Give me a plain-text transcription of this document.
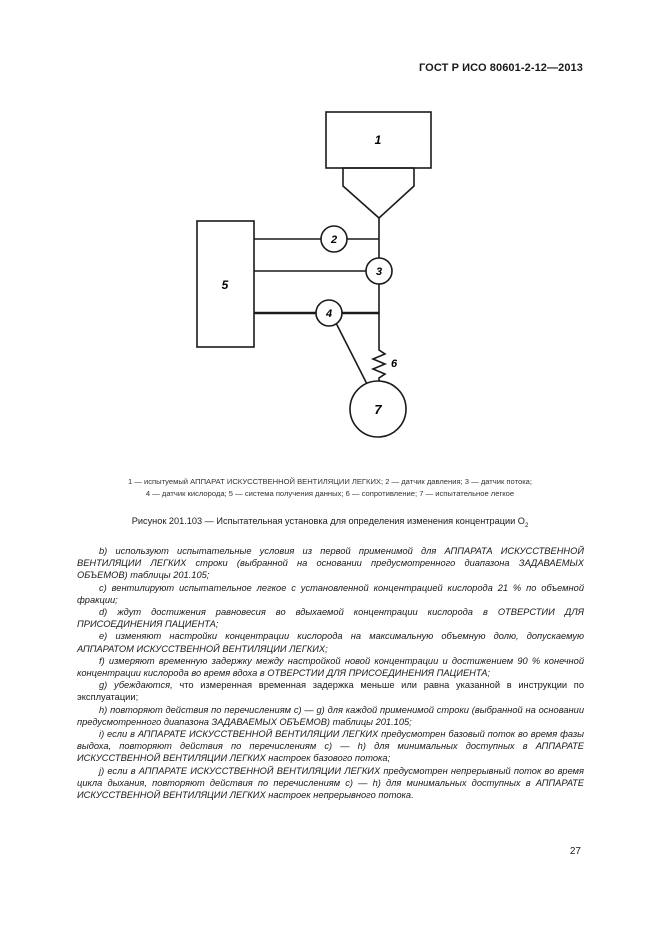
ГОСТ Р ИСО 80601-2-12—2013
1
2
3
4
5
6
7
1 — испытуемый АППАРАТ ИСКУССТВЕННОЙ ВЕНТИЛЯЦИИ ЛЕГКИХ; 2 — датчик давления; 3 — датчик потока;
4 — датчик кислорода; 5 — система получения данных; 6 — сопротивление; 7 — испытательное легкое
Рисунок 201.103 — Испытательная установка для определения изменения концентрации $O_2$

b) используют испытательные условия из первой применимой для АППАРАТА ИСКУССТВЕННОЙ ВЕНТИЛЯЦИИ ЛЕГКИХ строки (выбранной на основании предусмотренного диапазона ЗАДАВАЕМЫХ ОБЪЕМОВ) таблицы 201.105;

c) вентилируют испытательное легкое с установленной концентрацией кислорода 21 % по объемной фракции;

d) ждут достижения равновесия во вдыхаемой концентрации кислорода в ОТВЕРСТИИ ДЛЯ ПРИСОЕДИНЕНИЯ ПАЦИЕНТА;

e) изменяют настройки концентрации кислорода на максимальную объемную долю, допускаемую АППАРАТОМ ИСКУССТВЕННОЙ ВЕНТИЛЯЦИИ ЛЕГКИХ;

f) измеряют временную задержку между настройкой новой концентрации и достижением 90 % конечной концентрации кислорода во время вдоха в ОТВЕРСТИИ ДЛЯ ПРИСОЕДИНЕНИЯ ПАЦИЕНТА;

g) убеждаются, что измеренная временная задержка меньше или равна указанной в инструкции по эксплуатации;

h) повторяют действия по перечислениям c) — g) для каждой применимой строки (выбранной на основании предусмотренного диапазона ЗАДАВАЕМЫХ ОБЪЕМОВ) таблицы 201.105;

i) если в АППАРАТЕ ИСКУССТВЕННОЙ ВЕНТИЛЯЦИИ ЛЕГКИХ предусмотрен базовый поток во время фазы выдоха, повторяют действия по перечислениям c) — h) для минимальных доступных в АППАРАТЕ ИСКУССТВЕННОЙ ВЕНТИЛЯЦИИ ЛЕГКИХ настроек базового потока;

j) если в АППАРАТЕ ИСКУССТВЕННОЙ ВЕНТИЛЯЦИИ ЛЕГКИХ предусмотрен непрерывный поток во время цикла дыхания, повторяют действия по перечислениям c) — h) для минимальных доступных в АППАРАТЕ ИСКУССТВЕННОЙ ВЕНТИЛЯЦИИ ЛЕГКИХ настроек непрерывного потока.

27
